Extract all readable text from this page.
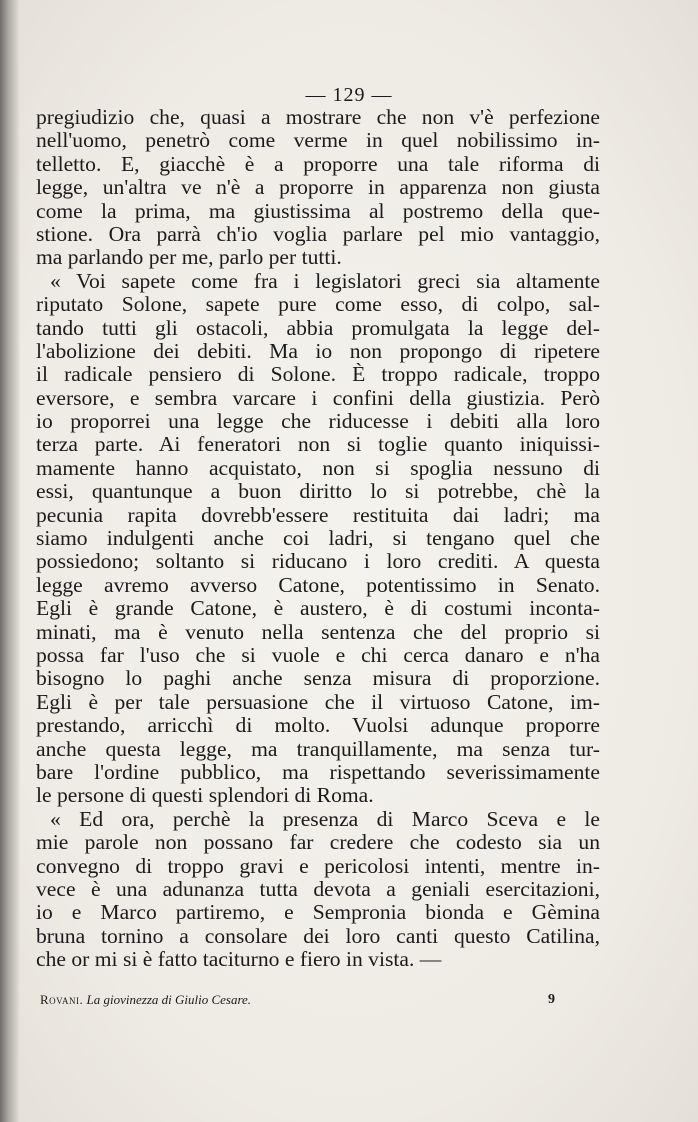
— 129 —
pregiudizio che, quasi a mostrare che non v'è perfezione
nell'uomo, penetrò come verme in quel nobilissimo in-
telletto. E, giacchè è a proporre una tale riforma di
legge, un'altra ve n'è a proporre in apparenza non giusta
come la prima, ma giustissima al postremo della que-
stione. Ora parrà ch'io voglia parlare pel mio vantaggio,
ma parlando per me, parlo per tutti.
« Voi sapete come fra i legislatori greci sia altamente
riputato Solone, sapete pure come esso, di colpo, sal-
tando tutti gli ostacoli, abbia promulgata la legge del-
l'abolizione dei debiti. Ma io non propongo di ripetere
il radicale pensiero di Solone. È troppo radicale, troppo
eversore, e sembra varcare i confini della giustizia. Però
io proporrei una legge che riducesse i debiti alla loro
terza parte. Ai feneratori non si toglie quanto iniquissi-
mamente hanno acquistato, non si spoglia nessuno di
essi, quantunque a buon diritto lo si potrebbe, chè la
pecunia rapita dovrebb'essere restituita dai ladri; ma
siamo indulgenti anche coi ladri, si tengano quel che
possiedono; soltanto si riducano i loro crediti. A questa
legge avremo avverso Catone, potentissimo in Senato.
Egli è grande Catone, è austero, è di costumi inconta-
minati, ma è venuto nella sentenza che del proprio si
possa far l'uso che si vuole e chi cerca danaro e n'ha
bisogno lo paghi anche senza misura di proporzione.
Egli è per tale persuasione che il virtuoso Catone, im-
prestando, arricchì di molto. Vuolsi adunque proporre
anche questa legge, ma tranquillamente, ma senza tur-
bare l'ordine pubblico, ma rispettando severissimamente
le persone di questi splendori di Roma.
« Ed ora, perchè la presenza di Marco Sceva e le
mie parole non possano far credere che codesto sia un
convegno di troppo gravi e pericolosi intenti, mentre in-
vece è una adunanza tutta devota a geniali esercitazioni,
io e Marco partiremo, e Sempronia bionda e Gèmina
bruna tornino a consolare dei loro canti questo Catilina,
che or mi si è fatto taciturno e fiero in vista. —
Rovani. La giovinezza di Giulio Cesare.	9
